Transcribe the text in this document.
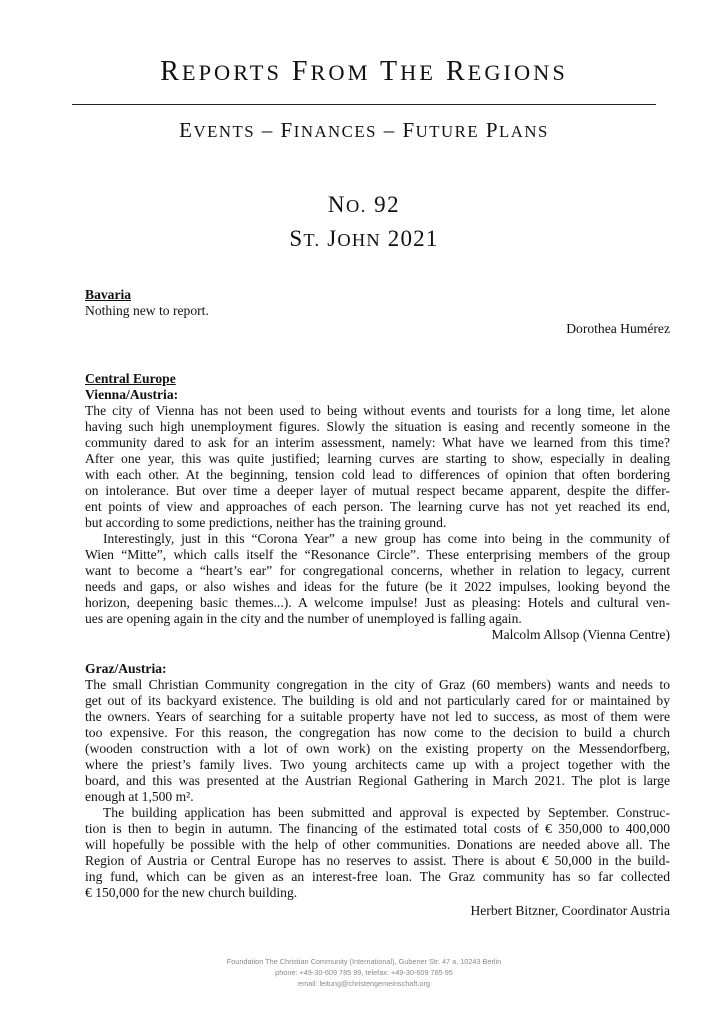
REPORTS FROM THE REGIONS
EVENTS – FINANCES – FUTURE PLANS
NO. 92
ST. JOHN 2021
Bavaria
Nothing new to report.
Dorothea Humérez
Central Europe
Vienna/Austria:
The city of Vienna has not been used to being without events and tourists for a long time, let alone
having such high unemployment figures. Slowly the situation is easing and recently someone in the
community dared to ask for an interim assessment, namely: What have we learned from this time?
After one year, this was quite justified; learning curves are starting to show, especially in dealing
with each other. At the beginning, tension cold lead to differences of opinion that often bordering
on intolerance. But over time a deeper layer of mutual respect became apparent, despite the differ-
ent points of view and approaches of each person. The learning curve has not yet reached its end,
but according to some predictions, neither has the training ground.
Interestingly, just in this “Corona Year” a new group has come into being in the community of
Wien “Mitte”, which calls itself the “Resonance Circle”. These enterprising members of the group
want to become a “heart’s ear” for congregational concerns, whether in relation to legacy, current
needs and gaps, or also wishes and ideas for the future (be it 2022 impulses, looking beyond the
horizon, deepening basic themes...). A welcome impulse! Just as pleasing: Hotels and cultural ven-
ues are opening again in the city and the number of unemployed is falling again.
Malcolm Allsop (Vienna Centre)
Graz/Austria:
The small Christian Community congregation in the city of Graz (60 members) wants and needs to
get out of its backyard existence. The building is old and not particularly cared for or maintained by
the owners. Years of searching for a suitable property have not led to success, as most of them were
too expensive. For this reason, the congregation has now come to the decision to build a church
(wooden construction with a lot of own work) on the existing property on the Messendorfberg,
where the priest’s family lives. Two young architects came up with a project together with the
board, and this was presented at the Austrian Regional Gathering in March 2021. The plot is large
enough at 1,500 m².
The building application has been submitted and approval is expected by September. Construc-
tion is then to begin in autumn. The financing of the estimated total costs of € 350,000 to 400,000
will hopefully be possible with the help of other communities. Donations are needed above all. The
Region of Austria or Central Europe has no reserves to assist. There is about € 50,000 in the build-
ing fund, which can be given as an interest-free loan. The Graz community has so far collected
€ 150,000 for the new church building.
Herbert Bitzner, Coordinator Austria
Foundation The Christian Community (International), Gubener Str. 47 a, 10243 Berlin
phone: +49-30-609 785 99, telefax: +49-30-609 785 95
email: leitung@christengemeinschaft.org
